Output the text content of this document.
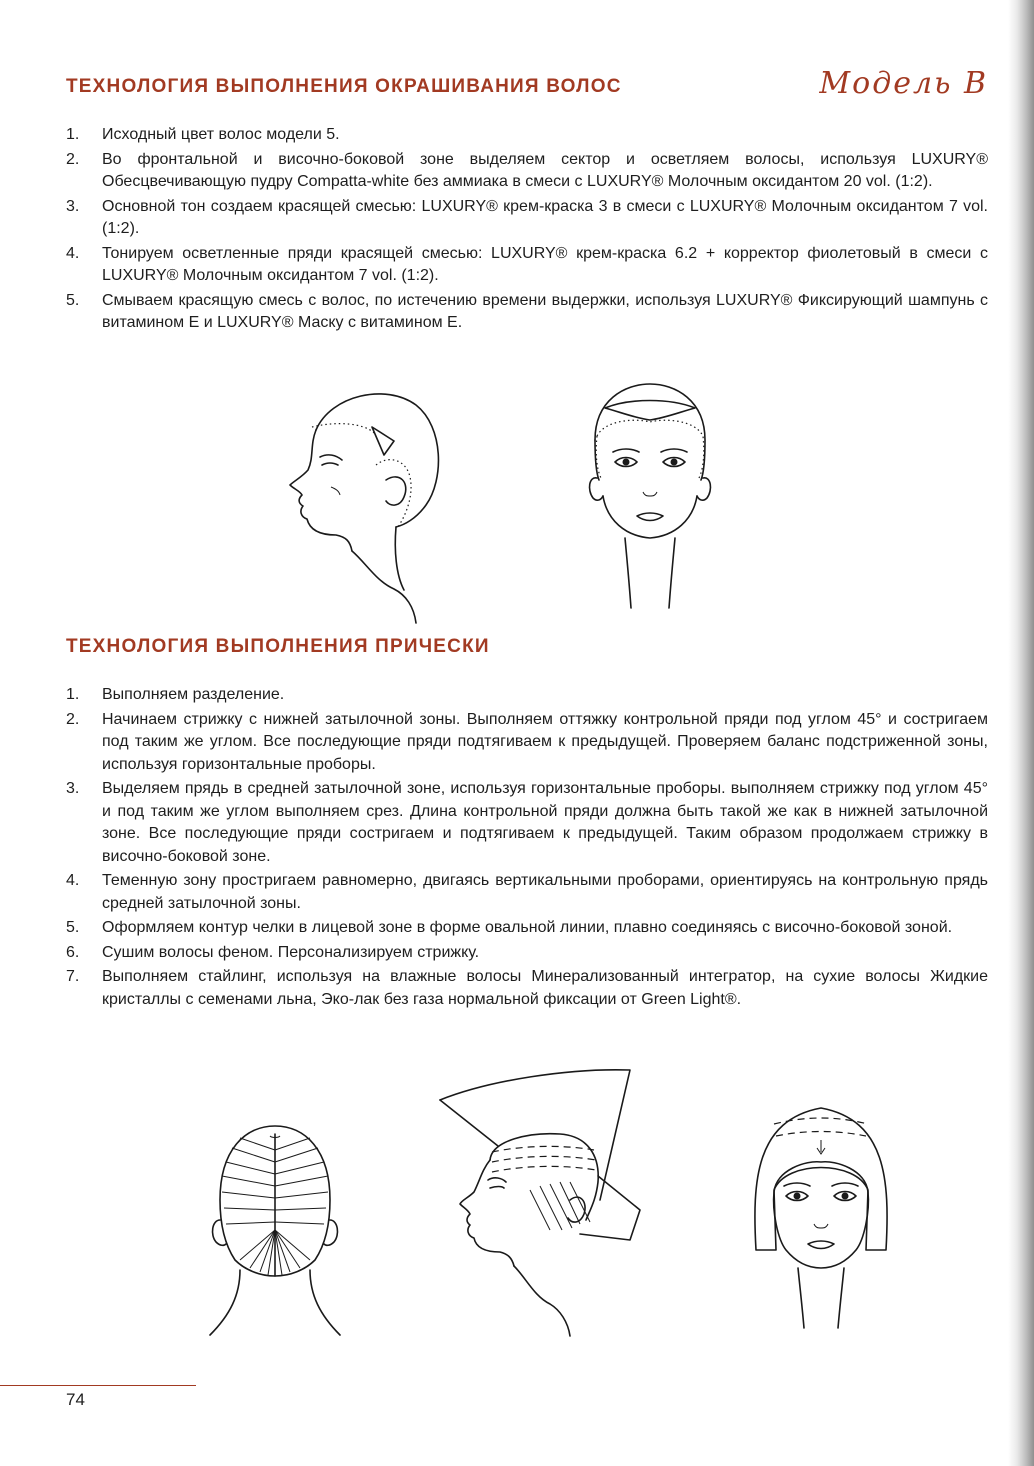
ТЕХНОЛОГИЯ ВЫПОЛНЕНИЯ ОКРАШИВАНИЯ ВОЛОС	Модель B
1. Исходный цвет волос модели 5.
2. Во фронтальной и височно-боковой зоне выделяем сектор и осветляем волосы, используя LUXURY® Обесцвечивающую пудру Compatta-white без аммиака в смеси с LUXURY® Молочным оксидантом 20 vol. (1:2).
3. Основной тон создаем красящей смесью: LUXURY® крем-краска 3 в смеси с LUXURY® Молочным оксидантом 7 vol. (1:2).
4. Тонируем осветленные пряди красящей смесью: LUXURY® крем-краска 6.2 + корректор фиолетовый в смеси с LUXURY® Молочным оксидантом 7 vol. (1:2).
5. Смываем красящую смесь с волос, по истечению времени выдержки, используя LUXURY® Фиксирующий шампунь с витамином Е и LUXURY® Маску с витамином Е.
ТЕХНОЛОГИЯ ВЫПОЛНЕНИЯ ПРИЧЕСКИ
1. Выполняем разделение.
2. Начинаем стрижку с нижней затылочной зоны. Выполняем оттяжку контрольной пряди под углом 45° и состригаем под таким же углом. Все последующие пряди подтягиваем к предыдущей. Проверяем баланс подстриженной зоны, используя горизонтальные проборы.
3. Выделяем прядь в средней затылочной зоне, используя горизонтальные проборы. выполняем стрижку под углом 45° и под таким же углом выполняем срез. Длина контрольной пряди должна быть такой же как в нижней затылочной зоне. Все последующие пряди состригаем и подтягиваем к предыдущей. Таким образом продолжаем стрижку в височно-боковой зоне.
4. Теменную зону простригаем равномерно, двигаясь вертикальными проборами, ориентируясь на контрольную прядь средней затылочной зоны.
5. Оформляем контур челки в лицевой зоне в форме овальной линии, плавно соединяясь с височно-боковой зоной.
6. Сушим волосы феном. Персонализируем стрижку.
7. Выполняем стайлинг, используя на влажные волосы Минерализованный интегратор, на сухие волосы Жидкие кристаллы с семенами льна, Эко-лак без газа нормальной фиксации от Green Light®.
74
